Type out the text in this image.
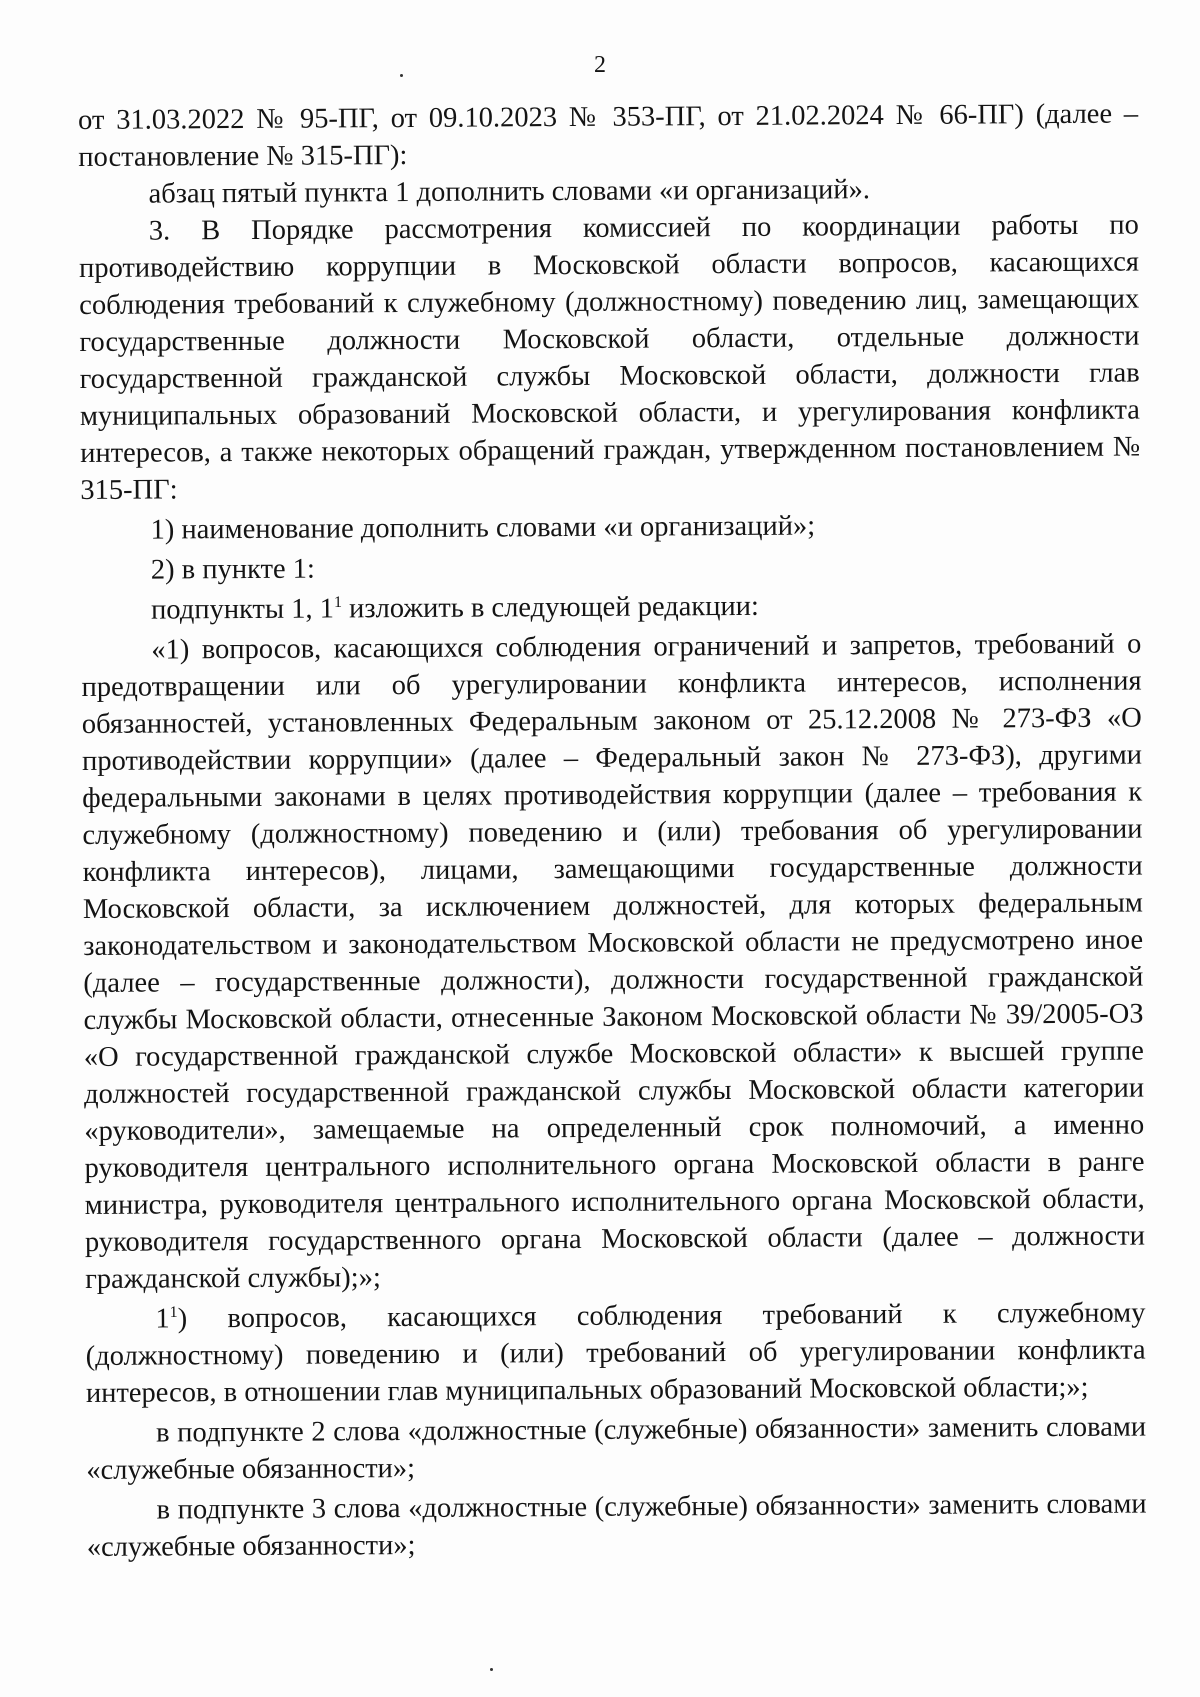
2

от 31.03.2022 № 95-ПГ, от 09.10.2023 № 353-ПГ, от 21.02.2024 № 66-ПГ) (далее – постановление № 315-ПГ):

абзац пятый пункта 1 дополнить словами «и организаций».

3. В Порядке рассмотрения комиссией по координации работы по противодействию коррупции в Московской области вопросов, касающихся соблюдения требований к служебному (должностному) поведению лиц, замещающих государственные должности Московской области, отдельные должности государственной гражданской службы Московской области, должности глав муниципальных образований Московской области, и урегулирования конфликта интересов, а также некоторых обращений граждан, утвержденном постановлением № 315-ПГ:

1) наименование дополнить словами «и организаций»;

2) в пункте 1:

подпункты 1, $1^1$ изложить в следующей редакции:

«1) вопросов, касающихся соблюдения ограничений и запретов, требований о предотвращении или об урегулировании конфликта интересов, исполнения обязанностей, установленных Федеральным законом от 25.12.2008 № 273-ФЗ «О противодействии коррупции» (далее – Федеральный закон № 273-ФЗ), другими федеральными законами в целях противодействия коррупции (далее – требования к служебному (должностному) поведению и (или) требования об урегулировании конфликта интересов), лицами, замещающими государственные должности Московской области, за исключением должностей, для которых федеральным законодательством и законодательством Московской области не предусмотрено иное (далее – государственные должности), должности государственной гражданской службы Московской области, отнесенные Законом Московской области № 39/2005-ОЗ «О государственной гражданской службе Московской области» к высшей группе должностей государственной гражданской службы Московской области категории «руководители», замещаемые на определенный срок полномочий, а именно руководителя центрального исполнительного органа Московской области в ранге министра, руководителя центрального исполнительного органа Московской области, руководителя государственного органа Московской области (далее – должности гражданской службы);»;

$1^1$) вопросов, касающихся соблюдения требований к служебному (должностному) поведению и (или) требований об урегулировании конфликта интересов, в отношении глав муниципальных образований Московской области;»;

в подпункте 2 слова «должностные (служебные) обязанности» заменить словами «служебные обязанности»;

в подпункте 3 слова «должностные (служебные) обязанности» заменить словами «служебные обязанности»;
